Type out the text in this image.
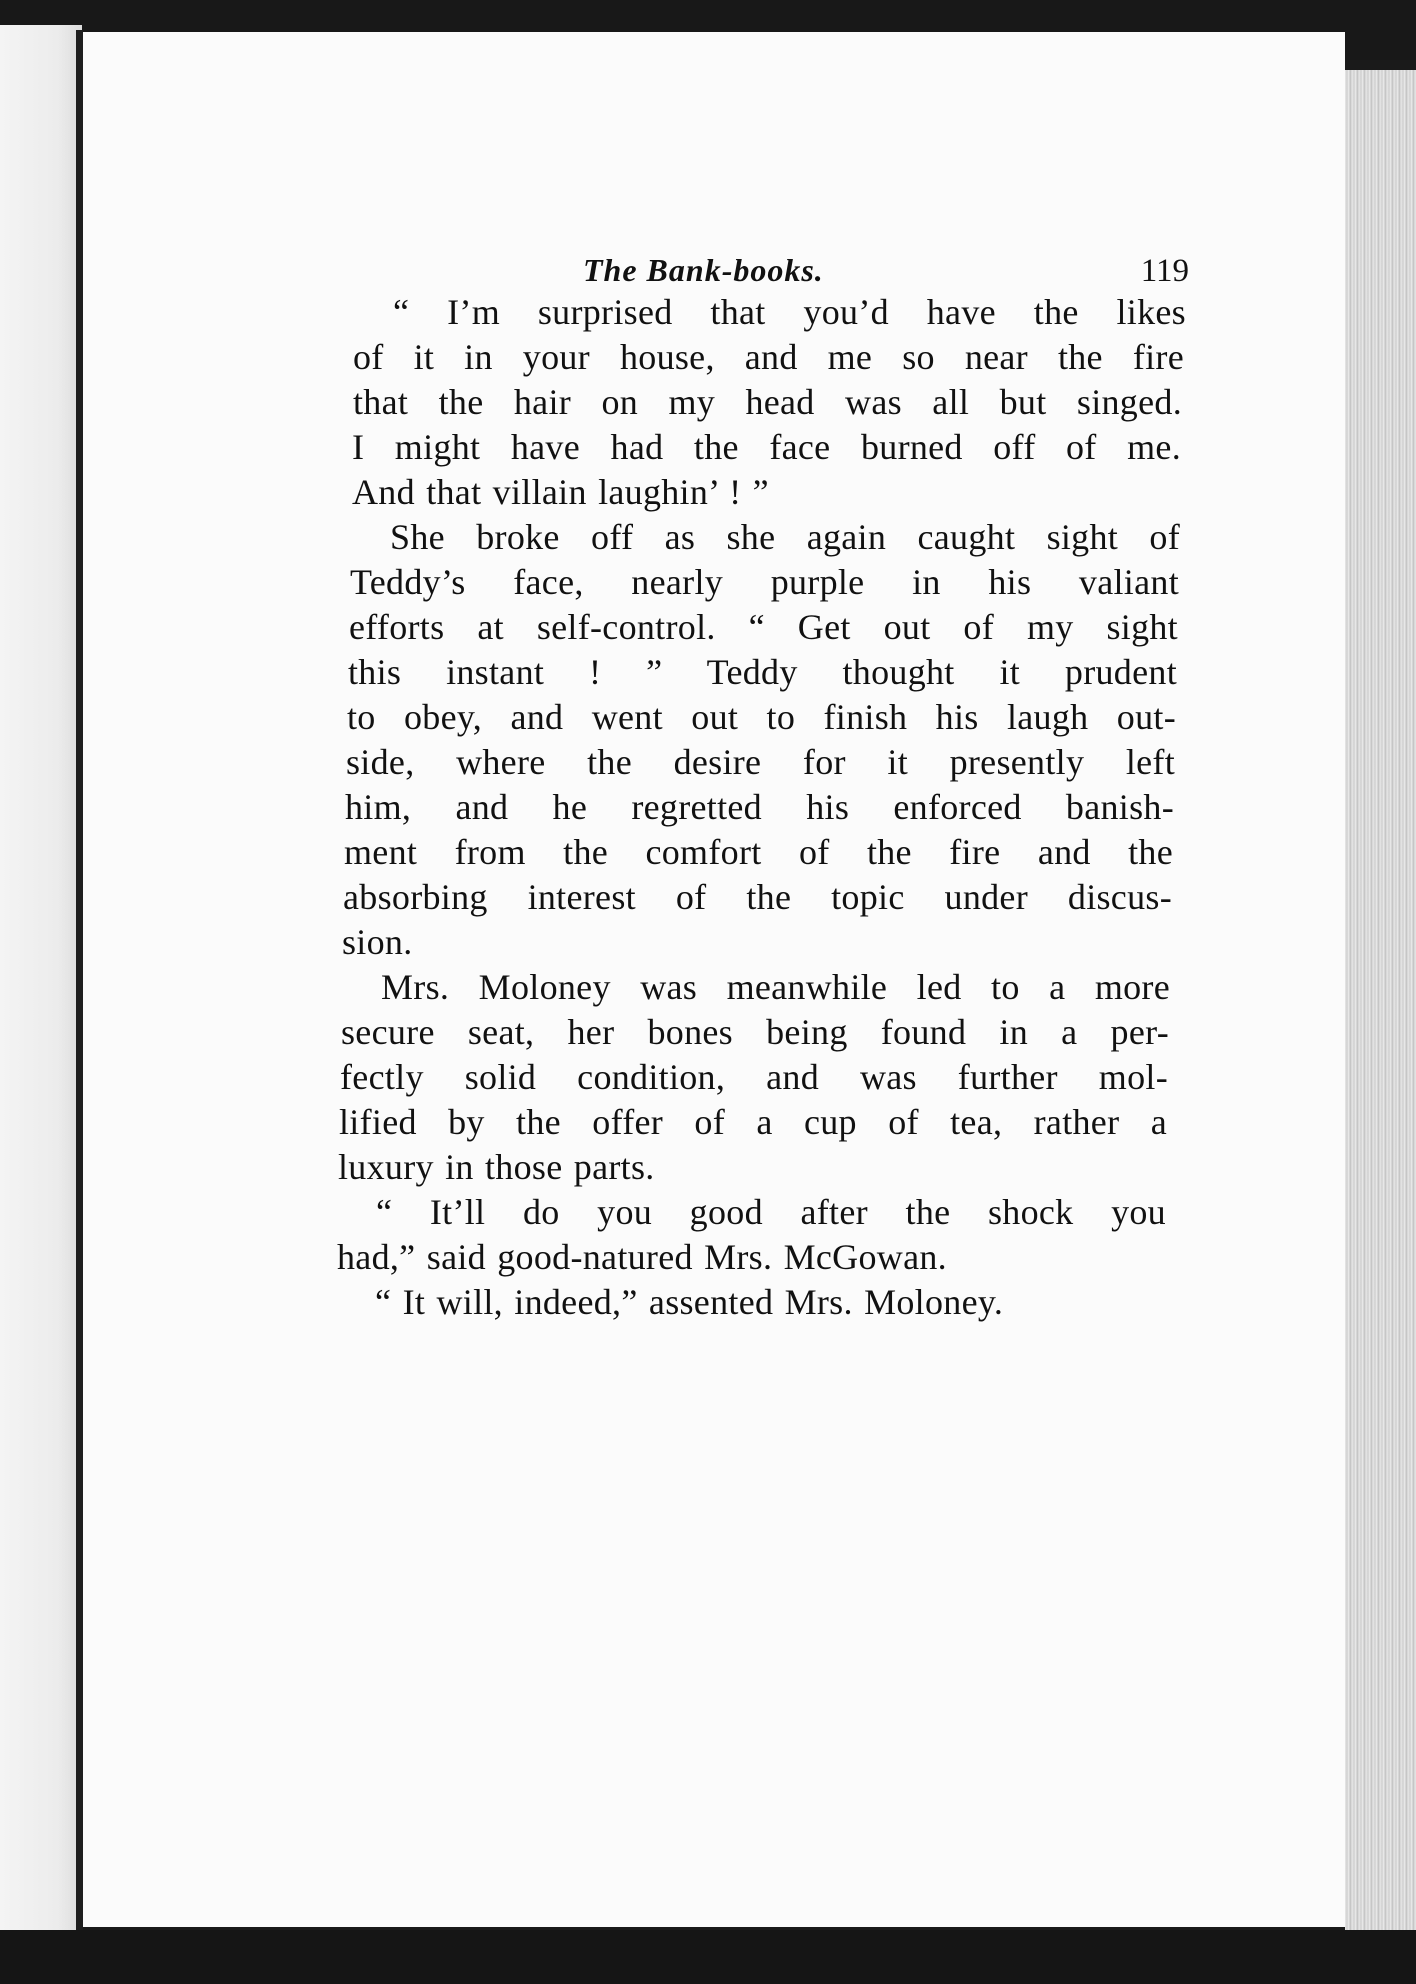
The Bank-books.	119
“ I’m surprised that you’d have the likes
of it in your house, and me so near the fire
that the hair on my head was all but singed.
I might have had the face burned off of me.
And that villain laughin’ ! ”
She broke off as she again caught sight of
Teddy’s face, nearly purple in his valiant
efforts at self-control. “ Get out of my sight
this instant ! ” Teddy thought it prudent
to obey, and went out to finish his laugh out-
side, where the desire for it presently left
him, and he regretted his enforced banish-
ment from the comfort of the fire and the
absorbing interest of the topic under discus-
sion.
Mrs. Moloney was meanwhile led to a more
secure seat, her bones being found in a per-
fectly solid condition, and was further mol-
lified by the offer of a cup of tea, rather a
luxury in those parts.
“ It’ll do you good after the shock you
had,” said good-natured Mrs. McGowan.
“ It will, indeed,” assented Mrs. Moloney.
